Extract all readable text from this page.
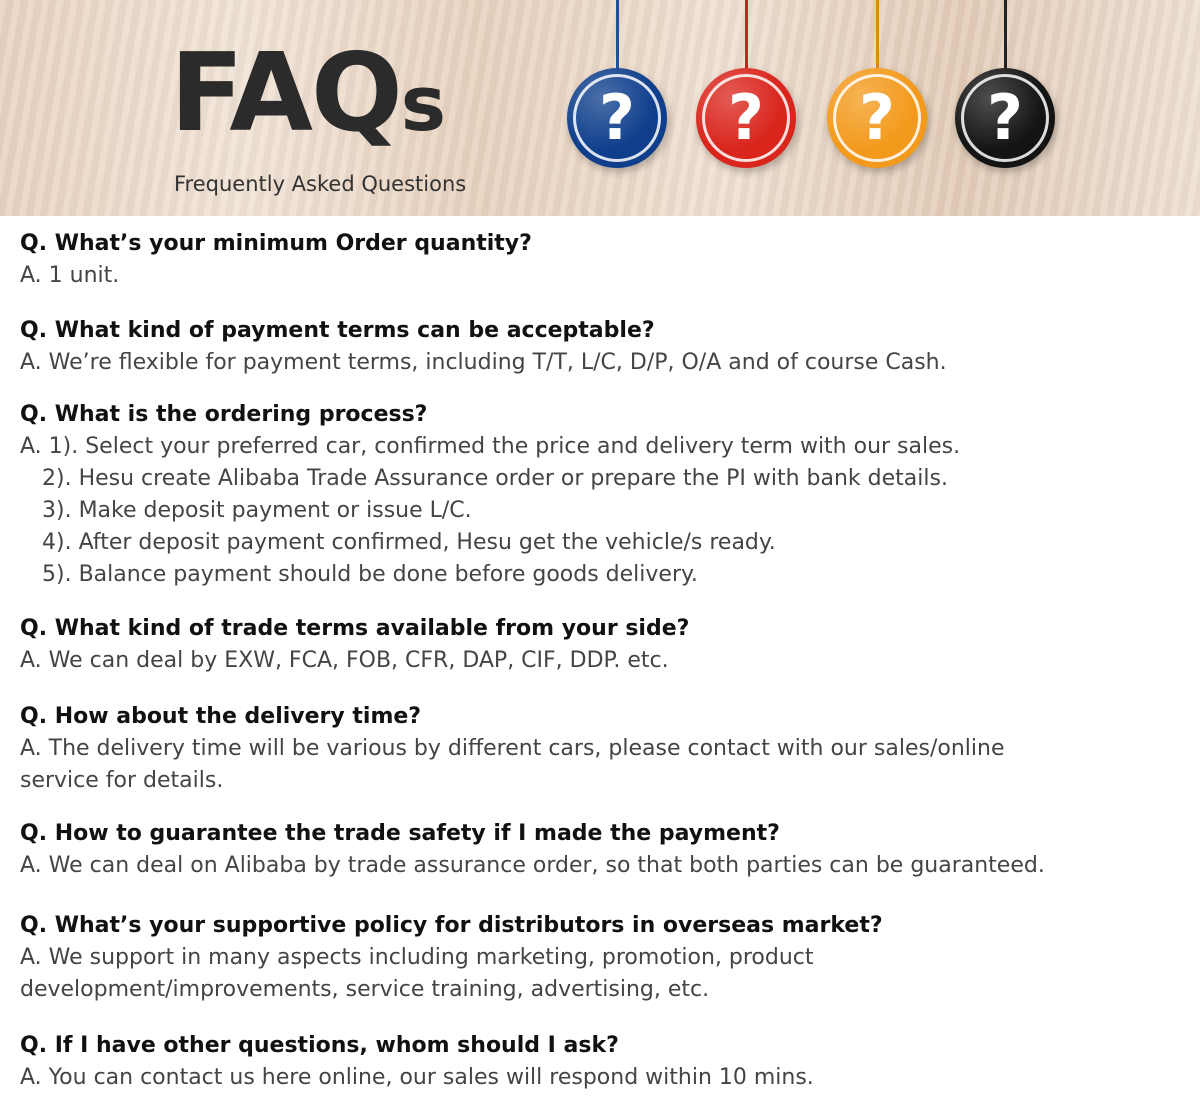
FAQs
Frequently Asked Questions
? ? ? ?
Q. What’s your minimum Order quantity?
A. 1 unit.
Q. What kind of payment terms can be acceptable?
A. We’re flexible for payment terms, including T/T, L/C, D/P, O/A and of course Cash.
Q. What is the ordering process?
A. 1). Select your preferred car, confirmed the price and delivery term with our sales.
2). Hesu create Alibaba Trade Assurance order or prepare the PI with bank details.
3). Make deposit payment or issue L/C.
4). After deposit payment confirmed, Hesu get the vehicle/s ready.
5). Balance payment should be done before goods delivery.
Q. What kind of trade terms available from your side?
A. We can deal by EXW, FCA, FOB, CFR, DAP, CIF, DDP. etc.
Q. How about the delivery time?
A. The delivery time will be various by different cars, please contact with our sales/online
service for details.
Q. How to guarantee the trade safety if I made the payment?
A. We can deal on Alibaba by trade assurance order, so that both parties can be guaranteed.
Q. What’s your supportive policy for distributors in overseas market?
A. We support in many aspects including marketing, promotion, product
development/improvements, service training, advertising, etc.
Q. If I have other questions, whom should I ask?
A. You can contact us here online, our sales will respond within 10 mins.
